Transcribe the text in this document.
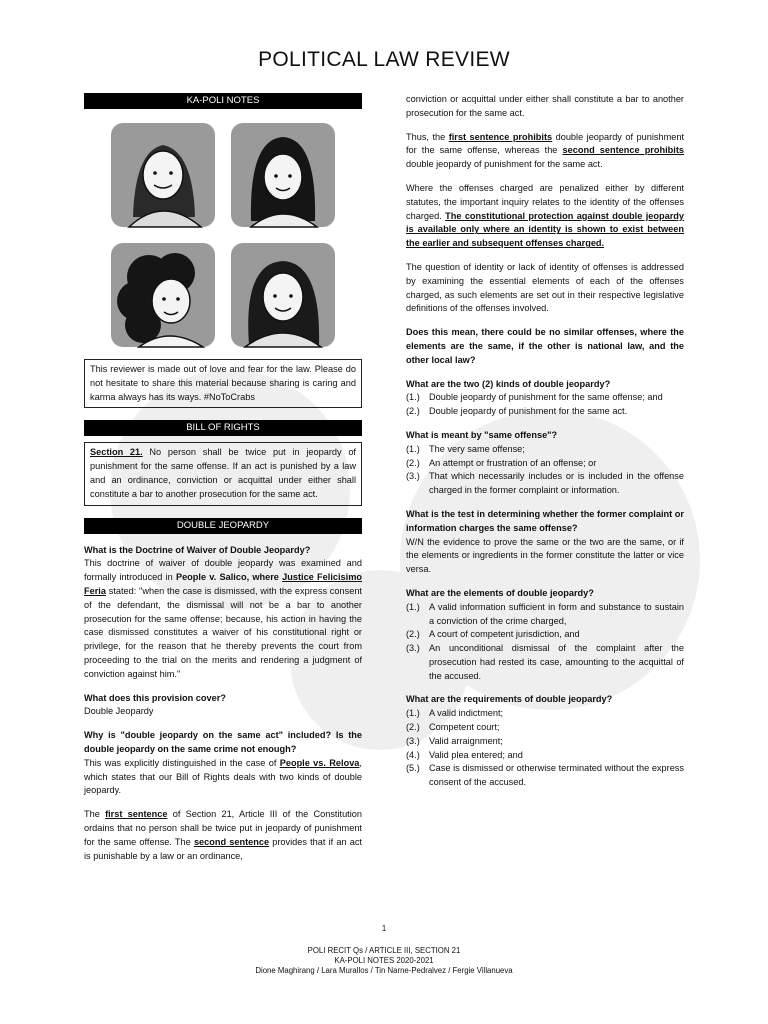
POLITICAL LAW REVIEW
KA-POLI NOTES
This reviewer is made out of love and fear for the law. Please do not hesitate to share this material because sharing is caring and karma always has its ways. #NoToCrabs
BILL OF RIGHTS
Section 21. No person shall be twice put in jeopardy of punishment for the same offense. If an act is punished by a law and an ordinance, conviction or acquittal under either shall constitute a bar to another prosecution for the same act.
DOUBLE JEOPARDY

What is the Doctrine of Waiver of Double Jeopardy?

This doctrine of waiver of double jeopardy was examined and formally introduced in People v. Salico, where Justice Felicisimo Feria stated: "when the case is dismissed, with the express consent of the defendant, the dismissal will not be a bar to another prosecution for the same offense; because, his action in having the case dismissed constitutes a waiver of his constitutional right or privilege, for the reason that he thereby prevents the court from proceeding to the trial on the merits and rendering a judgment of conviction against him."

What does this provision cover?

Double Jeopardy

Why is "double jeopardy on the same act" included? Is the double jeopardy on the same crime not enough?

This was explicitly distinguished in the case of People vs. Relova, which states that our Bill of Rights deals with two kinds of double jeopardy.

The first sentence of Section 21, Article III of the Constitution ordains that no person shall be twice put in jeopardy of punishment for the same offense. The second sentence provides that if an act is punishable by a law or an ordinance,

conviction or acquittal under either shall constitute a bar to another prosecution for the same act.

Thus, the first sentence prohibits double jeopardy of punishment for the same offense, whereas the second sentence prohibits double jeopardy of punishment for the same act.

Where the offenses charged are penalized either by different statutes, the important inquiry relates to the identity of the offenses charged. The constitutional protection against double jeopardy is available only where an identity is shown to exist between the earlier and subsequent offenses charged.

The question of identity or lack of identity of offenses is addressed by examining the essential elements of each of the offenses charged, as such elements are set out in their respective legislative definitions of the offenses involved.

Does this mean, there could be no similar offenses, where the elements are the same, if the other is national law, and the other local law?

What are the two (2) kinds of double jeopardy?

(1.) Double jeopardy of punishment for the same offense; and
(2.) Double jeopardy of punishment for the same act.

What is meant by "same offense"?

(1.) The very same offense;
(2.) An attempt or frustration of an offense; or
(3.) That which necessarily includes or is included in the offense charged in the former complaint or information.

What is the test in determining whether the former complaint or information charges the same offense?

W/N the evidence to prove the same or the two are the same, or if the elements or ingredients in the former constitute the latter or vice versa.

What are the elements of double jeopardy?

(1.) A valid information sufficient in form and substance to sustain a conviction of the crime charged,
(2.) A court of competent jurisdiction, and
(3.) An unconditional dismissal of the complaint after the prosecution had rested its case, amounting to the acquittal of the accused.

What are the requirements of double jeopardy?

(1.) A valid indictment;
(2.) Competent court;
(3.) Valid arraignment;
(4.) Valid plea entered; and
(5.) Case is dismissed or otherwise terminated without the express consent of the accused.
1
POLI RECIT Qs / ARTICLE III, SECTION 21
KA-POLI NOTES 2020-2021
Dione Maghirang / Lara Murallos / Tin Narne-Pedralvez / Fergie Villanueva
